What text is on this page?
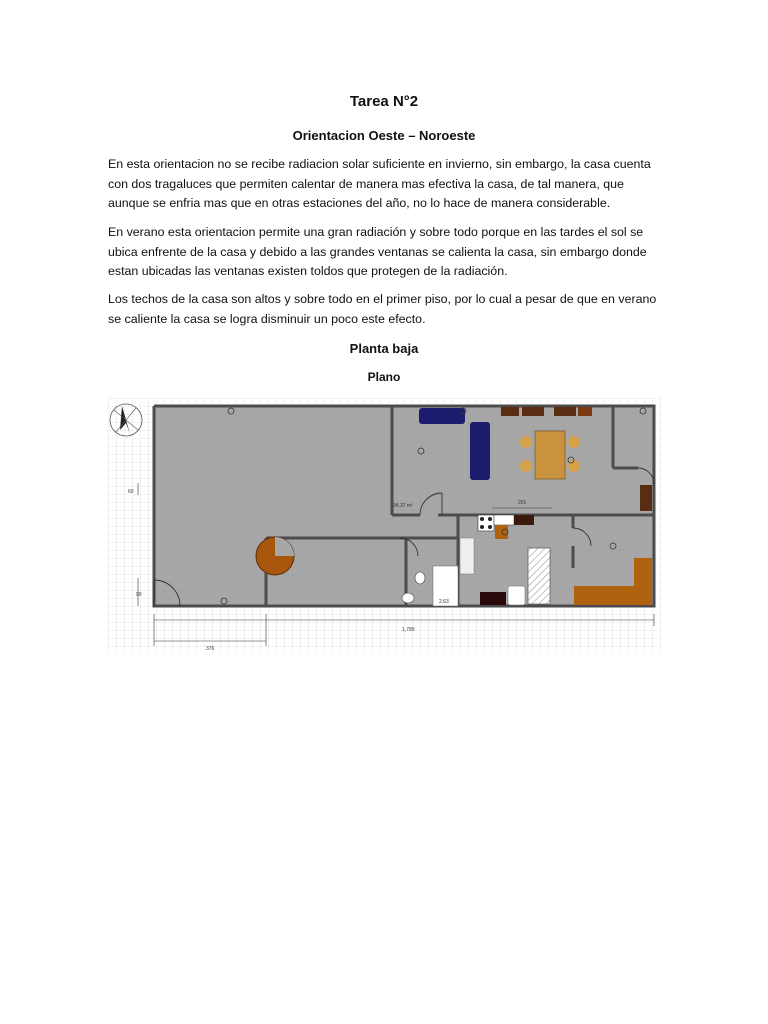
Tarea N°2
Orientacion Oeste – Noroeste

En esta orientacion no se recibe radiacion solar suficiente en invierno, sin embargo, la casa cuenta con dos tragaluces que permiten calentar de manera mas efectiva la casa, de tal manera, que aunque se enfria mas que en otras estaciones del año, no lo hace de manera considerable.

En verano esta orientacion permite una gran radiación y sobre todo porque en las tardes el sol se ubica enfrente de la casa y debido a las grandes ventanas se calienta la casa, sin embargo donde estan ubicadas las ventanas existen toldos que protegen de la radiación.

Los techos de la casa son altos y sobre todo en el primer piso, por lo cual a pesar de que en verano se caliente la casa se logra disminuir un poco este efecto.

Planta baja
Plano
1,789
376
201
60
90
34,37 m²
2.63
